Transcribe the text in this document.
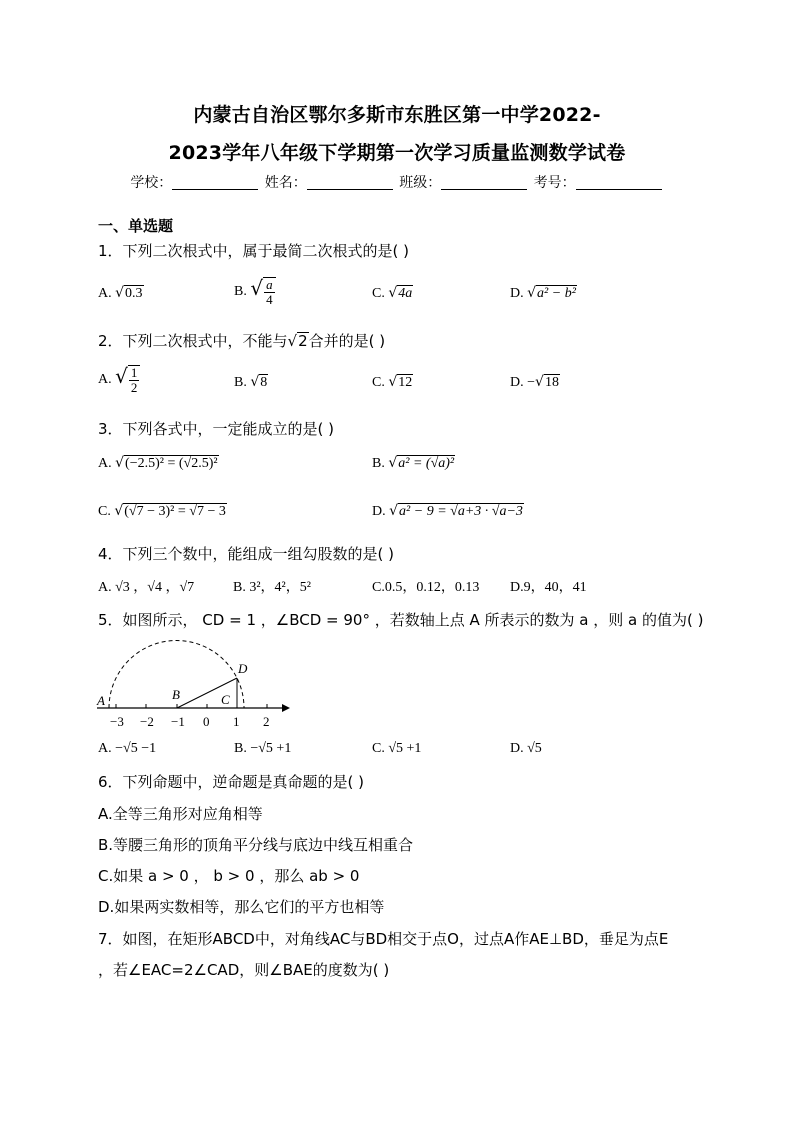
内蒙古自治区鄂尔多斯市东胜区第一中学2022-
2023学年八年级下学期第一次学习质量监测数学试卷
学校：	姓名：	班级：	考号：
一、单选题
1．下列二次根式中，属于最简二次根式的是( )
A. √0.3	B. √ $\frac{a}{4}$	C. √4a	D. √a² − b²
2．下列二次根式中，不能与√2合并的是( )
A. √ $\frac{1}{2}$	B. √8	C. √12	D. −√18
3．下列各式中，一定能成立的是( )
A. √(−2.5)² = (√2.5)²	B. √a² = (√a)²
C. √(√7 − 3)² = √7 − 3	D. √a² − 9 = √a+3 · √a−3
4．下列三个数中，能组成一组勾股数的是( )
A. √3 ，√4 ，√7	B. 3²，4²，5²	C.0.5，0.12，0.13 D.9，40，41
5．如图所示， CD = 1 ，∠BCD = 90° ，若数轴上点 A 所表示的数为 a ，则 a 的值为( )
−3 −2 −1 0 1 2
A	B	C
D
A. −√5 −1	B. −√5 +1	C. √5 +1	D. √5
6．下列命题中，逆命题是真命题的是( )
A.全等三角形对应角相等
B.等腰三角形的顶角平分线与底边中线互相重合
C.如果 a > 0 ， b > 0 ，那么 ab > 0
D.如果两实数相等，那么它们的平方也相等
7．如图，在矩形ABCD中，对角线AC与BD相交于点O，过点A作AE⊥BD，垂足为点E
，若∠EAC=2∠CAD，则∠BAE的度数为( )
